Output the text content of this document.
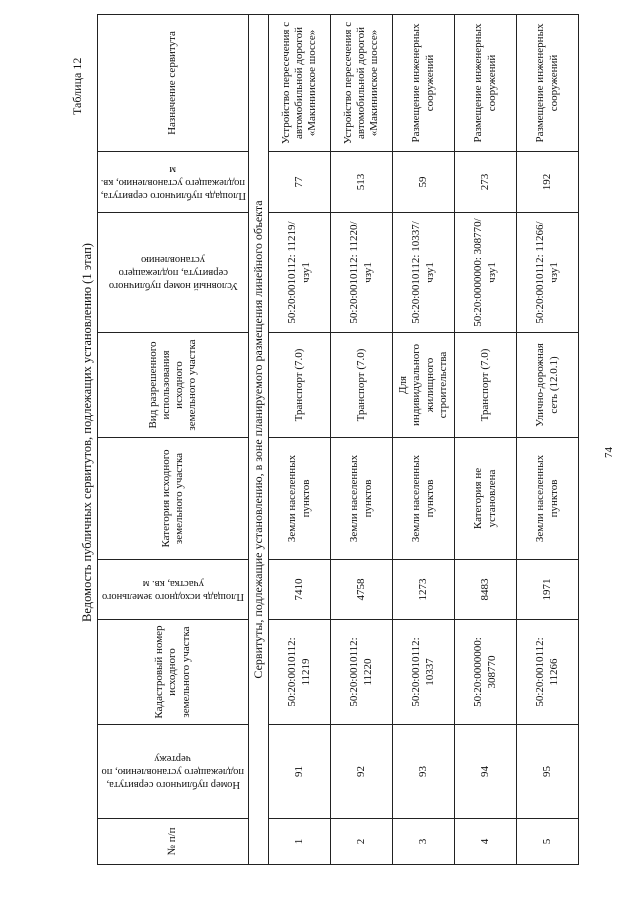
74
Таблица 12
Ведомость публичных сервитутов, подлежащих установлению (1 этап)
№ п/п	Номер публичного сервитута, подлежащего установлению, по чертежу	Кадастровый номер исходного земельного участка	Площадь исходного земельного участка, кв. м	Категория исходного земельного участка	Вид разрешенного использования исходного земельного участка	Условный номер публичного сервитута, подлежащего установлению	Площадь публичного сервитута, подлежащего установлению, кв. м	Назначение сервитута
Сервитуты, подлежащие установлению, в зоне планируемого размещения линейного объекта								
1	91	50:20:0010112: 11219	7410	Земли населенных пунктов	Транспорт (7.0)	50:20:0010112: 11219/чзу1	77	Устройство пересечения с автомобильной дорогой «Макинииское шоссе»
2	92	50:20:0010112: 11220	4758	Земли населенных пунктов	Транспорт (7.0)	50:20:0010112: 11220/чзу1	513	Устройство пересечения с автомобильной дорогой «Макинииское шоссе»
3	93	50:20:0010112: 10337	1273	Земли населенных пунктов	Для индивидуального жилищного строительства	50:20:0010112: 10337/чзу1	59	Размещение инженерных сооружений
4	94	50:20:0000000: 308770	8483	Категория не установлена	Транспорт (7.0)	50:20:0000000: 308770/чзу1	273	Размещение инженерных сооружений
5	95	50:20:0010112: 11266	1971	Земли населенных пунктов	Улично-дорожная сеть (12.0.1)	50:20:0010112: 11266/чзу1	192	Размещение инженерных сооружений
